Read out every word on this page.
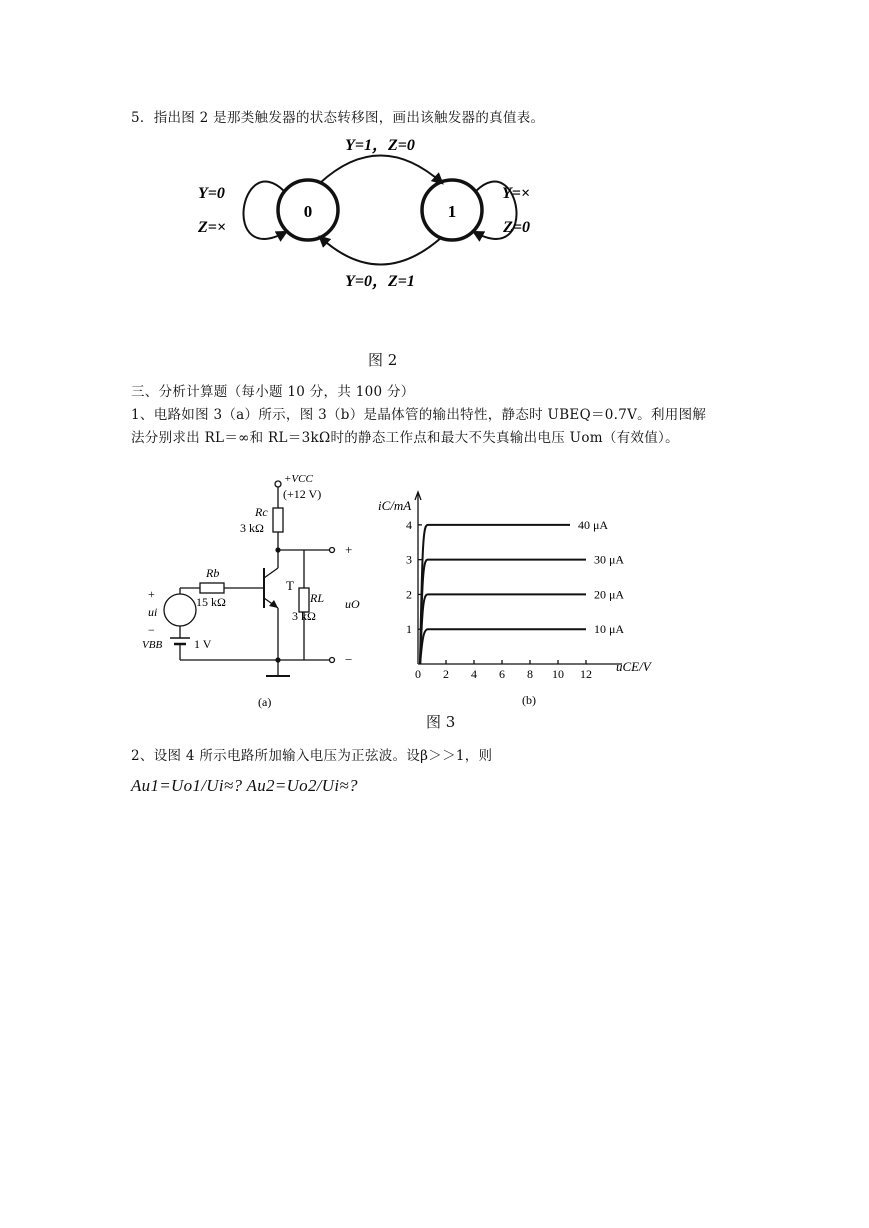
5．指出图 2 是那类触发器的状态转移图，画出该触发器的真值表。
0	1
Y=1，Z=0
Y=0，Z=1
Y=0
Z=×
Y=×
Z=0
图 2
三、分析计算题（每小题 10 分，共 100 分）
1、电路如图 3（a）所示，图 3（b）是晶体管的输出特性，静态时 UBEQ＝0.7V。利用图解
法分别求出 RL＝∞和 RL＝3kΩ时的静态工作点和最大不失真输出电压 Uom（有效值）。
+VCC
(+12 V)
Rc
3 kΩ
Rb
15 kΩ
T
RL
3 kΩ
uO
+
−
+
ui
−
VBB	1 V
(a)
0 2 4 6 8 10 12
1
2
3
4
10 μA
20 μA
30 μA
40 μA
iC/mA
uCE/V
(b)
图 3
2、设图 4 所示电路所加输入电压为正弦波。设β＞＞1，则
Au1=Uo1/Ui≈? Au2=Uo2/Ui≈?
